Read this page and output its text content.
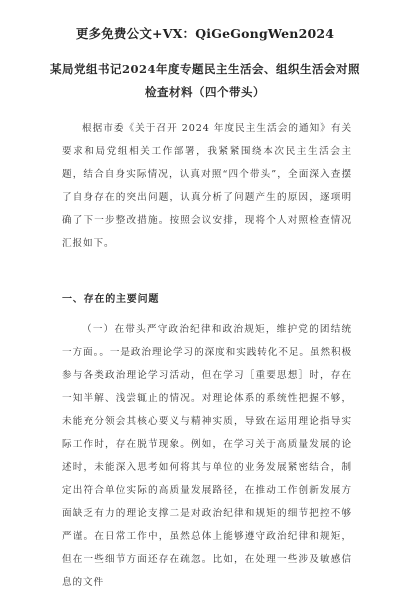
更多免费公文+VX：QiGeGongWen2024
某局党组书记2024年度专题民主生活会、组织生活会对照
检查材料（四个带头）
根据市委《关于召开 2024 年度民主生活会的通知》有关要求和局党组相关工作部署，我紧紧围绕本次民主生活会主题，结合自身实际情况，认真对照“四个带头”，全面深入查摆了自身存在的突出问题，认真分析了问题产生的原因，逐项明确了下一步整改措施。按照会议安排，现将个人对照检查情况汇报如下。
一、存在的主要问题
（一）在带头严守政治纪律和政治规矩，维护党的团结统一方面。。一是政治理论学习的深度和实践转化不足。虽然积极参与各类政治理论学习活动，但在学习［重要思想］时，存在一知半解、浅尝辄止的情况。对理论体系的系统性把握不够，未能充分领会其核心要义与精神实质，导致在运用理论指导实际工作时，存在脱节现象。例如，在学习关于高质量发展的论述时，未能深入思考如何将其与单位的业务发展紧密结合，制定出符合单位实际的高质量发展路径，在推动工作创新发展方面缺乏有力的理论支撑二是对政治纪律和规矩的细节把控不够严谨。在日常工作中，虽然总体上能够遵守政治纪律和规矩，但在一些细节方面还存在疏忽。比如，在处理一些涉及敏感信息的文件
